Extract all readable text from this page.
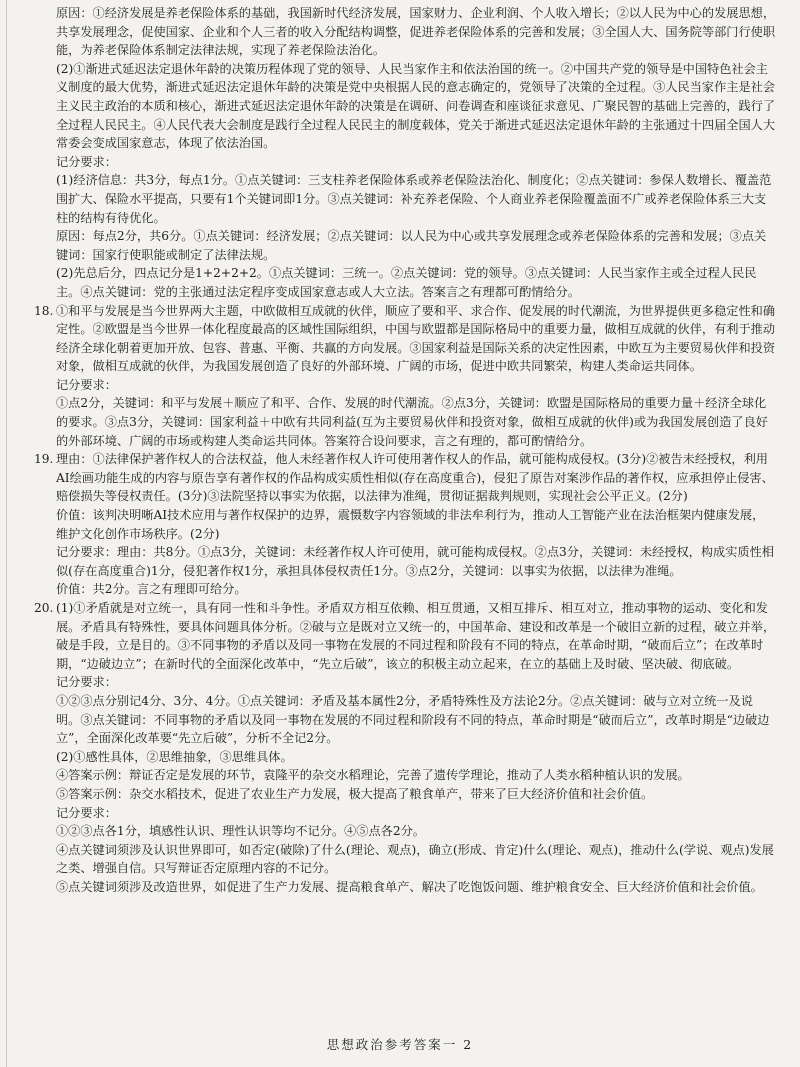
原因：①经济发展是养老保险体系的基础，我国新时代经济发展，国家财力、企业利润、个人收入增长；②以人民为中心的发展思想，共享发展理念，促使国家、企业和个人三者的收入分配结构调整，促进养老保险体系的完善和发展；③全国人大、国务院等部门行使职能，为养老保险体系制定法律法规，实现了养老保险法治化。

(2)①渐进式延迟法定退休年龄的决策历程体现了党的领导、人民当家作主和依法治国的统一。②中国共产党的领导是中国特色社会主义制度的最大优势，渐进式延迟法定退休年龄的决策是党中央根据人民的意志确定的，党领导了决策的全过程。③人民当家作主是社会主义民主政治的本质和核心，渐进式延迟法定退休年龄的决策是在调研、问卷调查和座谈征求意见、广聚民智的基础上完善的，践行了全过程人民民主。④人民代表大会制度是践行全过程人民民主的制度载体，党关于渐进式延迟法定退休年龄的主张通过十四届全国人大常委会变成国家意志，体现了依法治国。

记分要求：

(1)经济信息：共3分，每点1分。①点关键词：三支柱养老保险体系或养老保险法治化、制度化；②点关键词：参保人数增长、覆盖范围扩大、保险水平提高，只要有1个关键词即1分。③点关键词：补充养老保险、个人商业养老保险覆盖面不广或养老保险体系三大支柱的结构有待优化。

原因：每点2分，共6分。①点关键词：经济发展；②点关键词：以人民为中心或共享发展理念或养老保险体系的完善和发展；③点关键词：国家行使职能或制定了法律法规。

(2)先总后分，四点记分是1+2+2+2。①点关键词：三统一。②点关键词：党的领导。③点关键词：人民当家作主或全过程人民民主。④点关键词：党的主张通过法定程序变成国家意志或人大立法。答案言之有理都可酌情给分。

18. ①和平与发展是当今世界两大主题，中欧做相互成就的伙伴，顺应了要和平、求合作、促发展的时代潮流，为世界提供更多稳定性和确定性。②欧盟是当今世界一体化程度最高的区域性国际组织，中国与欧盟都是国际格局中的重要力量，做相互成就的伙伴，有利于推动经济全球化朝着更加开放、包容、普惠、平衡、共赢的方向发展。③国家利益是国际关系的决定性因素，中欧互为主要贸易伙伴和投资对象，做相互成就的伙伴，为我国发展创造了良好的外部环境、广阔的市场，促进中欧共同繁荣，构建人类命运共同体。

记分要求：

①点2分，关键词：和平与发展＋顺应了和平、合作、发展的时代潮流。②点3分，关键词：欧盟是国际格局的重要力量＋经济全球化的要求。③点3分，关键词：国家利益＋中欧有共同利益(互为主要贸易伙伴和投资对象，做相互成就的伙伴)或为我国发展创造了良好的外部环境、广阔的市场或构建人类命运共同体。答案符合设问要求，言之有理的，都可酌情给分。

19. 理由：①法律保护著作权人的合法权益，他人未经著作权人许可使用著作权人的作品，就可能构成侵权。(3分)②被告未经授权，利用AI绘画功能生成的内容与原告享有著作权的作品构成实质性相似(存在高度重合)，侵犯了原告对案涉作品的著作权，应承担停止侵害、赔偿损失等侵权责任。(3分)③法院坚持以事实为依据，以法律为准绳，贯彻证据裁判规则，实现社会公平正义。(2分)

价值：该判决明晰AI技术应用与著作权保护的边界，震慑数字内容领域的非法牟利行为，推动人工智能产业在法治框架内健康发展，维护文化创作市场秩序。(2分)

记分要求：理由：共8分。①点3分，关键词：未经著作权人许可使用，就可能构成侵权。②点3分，关键词：未经授权，构成实质性相似(存在高度重合)1分，侵犯著作权1分，承担具体侵权责任1分。③点2分，关键词：以事实为依据，以法律为准绳。

价值：共2分。言之有理即可给分。

20. (1)①矛盾就是对立统一，具有同一性和斗争性。矛盾双方相互依赖、相互贯通，又相互排斥、相互对立，推动事物的运动、变化和发展。矛盾具有特殊性，要具体问题具体分析。②破与立是既对立又统一的，中国革命、建设和改革是一个破旧立新的过程，破立并举，破是手段，立是目的。③不同事物的矛盾以及同一事物在发展的不同过程和阶段有不同的特点，在革命时期，“破而后立”；在改革时期，“边破边立”；在新时代的全面深化改革中，“先立后破”，该立的积极主动立起来，在立的基础上及时破、坚决破、彻底破。

记分要求：

①②③点分别记4分、3分、4分。①点关键词：矛盾及基本属性2分，矛盾特殊性及方法论2分。②点关键词：破与立对立统一及说明。③点关键词：不同事物的矛盾以及同一事物在发展的不同过程和阶段有不同的特点，革命时期是“破而后立”，改革时期是“边破边立”，全面深化改革要“先立后破”，分析不全记2分。

(2)①感性具体，②思维抽象，③思维具体。

④答案示例：辩证否定是发展的环节，袁隆平的杂交水稻理论，完善了遗传学理论，推动了人类水稻种植认识的发展。

⑤答案示例：杂交水稻技术，促进了农业生产力发展，极大提高了粮食单产，带来了巨大经济价值和社会价值。

记分要求：

①②③点各1分，填感性认识、理性认识等均不记分。④⑤点各2分。

④点关键词须涉及认识世界即可，如否定(破除)了什么(理论、观点)，确立(形成、肯定)什么(理论、观点)，推动什么(学说、观点)发展之类、增强自信。只写辩证否定原理内容的不记分。

⑤点关键词须涉及改造世界，如促进了生产力发展、提高粮食单产、解决了吃饱饭问题、维护粮食安全、巨大经济价值和社会价值。

思想政治参考答案一 2
